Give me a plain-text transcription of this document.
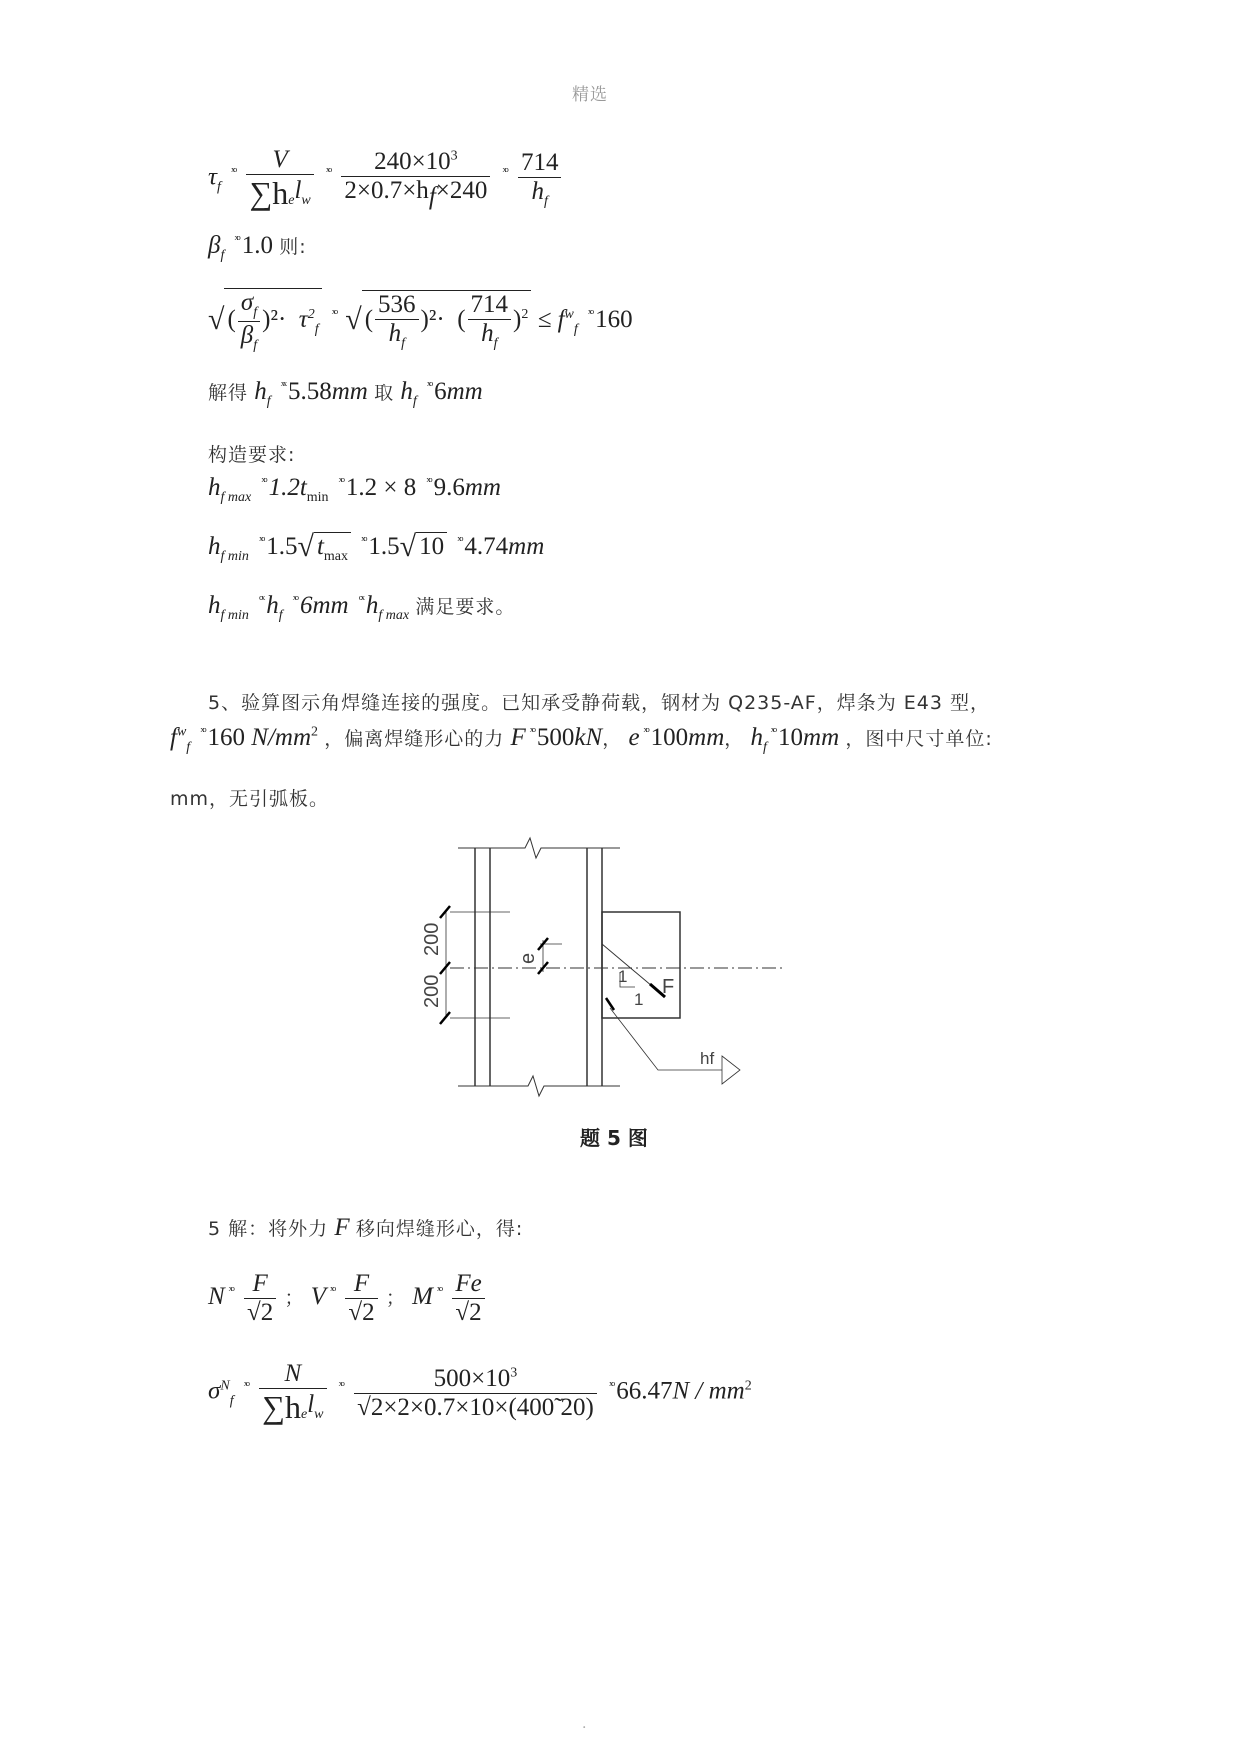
精选
$\tau_f$ $^{ˣᵒ} \frac{V}{\sum h_el_w} ^{ˣᵒ} \frac{240\times 10^3}{2\times 0.7\times h_f\times 240} ^{ˣᵒ} \frac{714}{h_f}$
$\beta_f$ $^{ˣᵒ}$ 1.0 则:
√ ( $\frac{\sigma_f}{\beta_f} )^2\cdot \tau^2_f$ $^{ˣᵒ}$ √ ( $\frac{536}{h_f} )^2\cdot$ ( $\frac{714}{h_f} )^2 \le f^w_f$ $^{ˣᵒ}$ 160
解得 $h_f$ $^{ˣˣ}$ 5.58mm 取 $h_f$ $^{ˣᵒ}$ 6mm
构造要求:
$h_{f max}$ $^{ˣᵒ}$ $1.2t_{min}$ $^{ˣᵒ}$ 1.2 × 8 $^{ˣᵒ}$ 9.6mm
$h_{f min}$ $^{ˣᵒ}$ 1.5√ $t_{max}$ $^{ˣᵒ}$ 1.5√ 10 $^{ˣᵒ}$ 4.74mm
$h_{f min}$ $^{ᵒˣ}$ $h_f$ $^{ˣᵒ}$ 6mm $^{ᵒˣ}$ $h_{f max}$ 满足要求。
5、验算图示角焊缝连接的强度。已知承受静荷载，钢材为 Q235-AF，焊条为 E43 型，
$f^w_f$ $^{ˣᵒ}$ 160 $N/mm^2$ ，偏离焊缝形心的力 F $^{ˣᵒ}$ 500kN， e $^{ˣᵒ}$ 100mm， $h_f^{ˣᵒ}$ 10mm ，图中尺寸单位:
mm，无引弧板。
200
200
e
1
1
F
hf
题 5 图
5 解：将外力 F 移向焊缝形心，得:
N $^{ˣᵒ} \frac{F}{√2}$ ； V $^{ˣᵒ} \frac{F}{√2}$ ； M $^{ˣᵒ} \frac{Fe}{√2}$
$\sigma^N_f$ $^{ˣᵒ} \frac{N}{\sum h_el_w} ^{ˣᵒ} \frac{500\times 10^3}{√2\times 2\times 0.7\times 10\times(400̃ 20)} ^{ˣᵒ}$ $66.47N / mm^2$
·
